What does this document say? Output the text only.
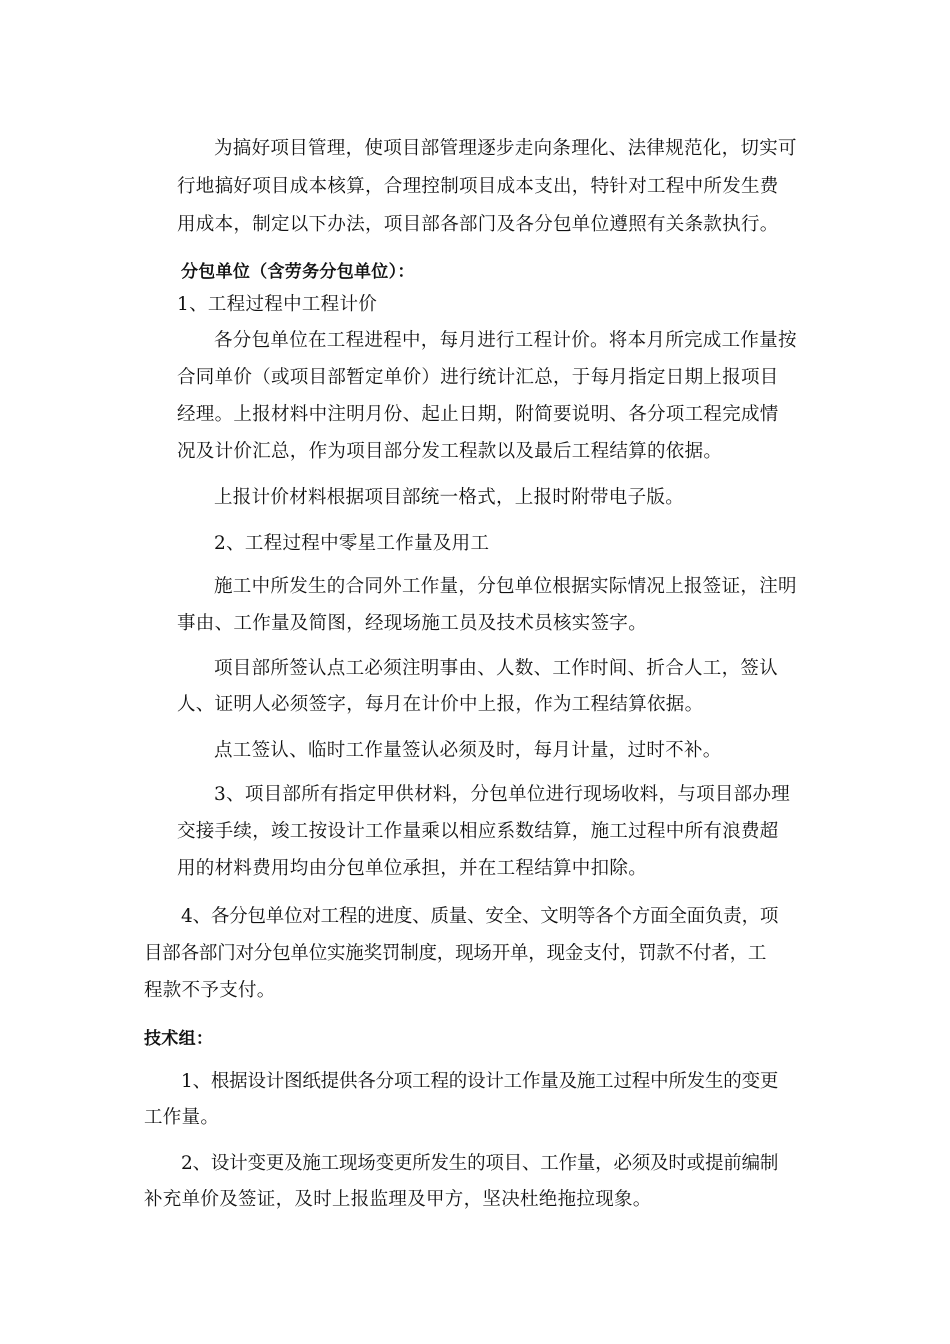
为搞好项目管理，使项目部管理逐步走向条理化、法律规范化，切实可

行地搞好项目成本核算，合理控制项目成本支出，特针对工程中所发生费

用成本，制定以下办法，项目部各部门及各分包单位遵照有关条款执行。

分包单位（含劳务分包单位）：

1、工程过程中工程计价

各分包单位在工程进程中，每月进行工程计价。将本月所完成工作量按

合同单价（或项目部暂定单价）进行统计汇总，于每月指定日期上报项目

经理。上报材料中注明月份、起止日期，附简要说明、各分项工程完成情

况及计价汇总，作为项目部分发工程款以及最后工程结算的依据。

上报计价材料根据项目部统一格式，上报时附带电子版。

2、工程过程中零星工作量及用工

施工中所发生的合同外工作量，分包单位根据实际情况上报签证，注明

事由、工作量及简图，经现场施工员及技术员核实签字。

项目部所签认点工必须注明事由、人数、工作时间、折合人工，签认

人、证明人必须签字，每月在计价中上报，作为工程结算依据。

点工签认、临时工作量签认必须及时，每月计量，过时不补。

3、项目部所有指定甲供材料，分包单位进行现场收料，与项目部办理

交接手续，竣工按设计工作量乘以相应系数结算，施工过程中所有浪费超

用的材料费用均由分包单位承担，并在工程结算中扣除。

4、各分包单位对工程的进度、质量、安全、文明等各个方面全面负责，项

目部各部门对分包单位实施奖罚制度，现场开单，现金支付，罚款不付者，工

程款不予支付。

技术组：

1、根据设计图纸提供各分项工程的设计工作量及施工过程中所发生的变更

工作量。

2、设计变更及施工现场变更所发生的项目、工作量，必须及时或提前编制

补充单价及签证，及时上报监理及甲方，坚决杜绝拖拉现象。
